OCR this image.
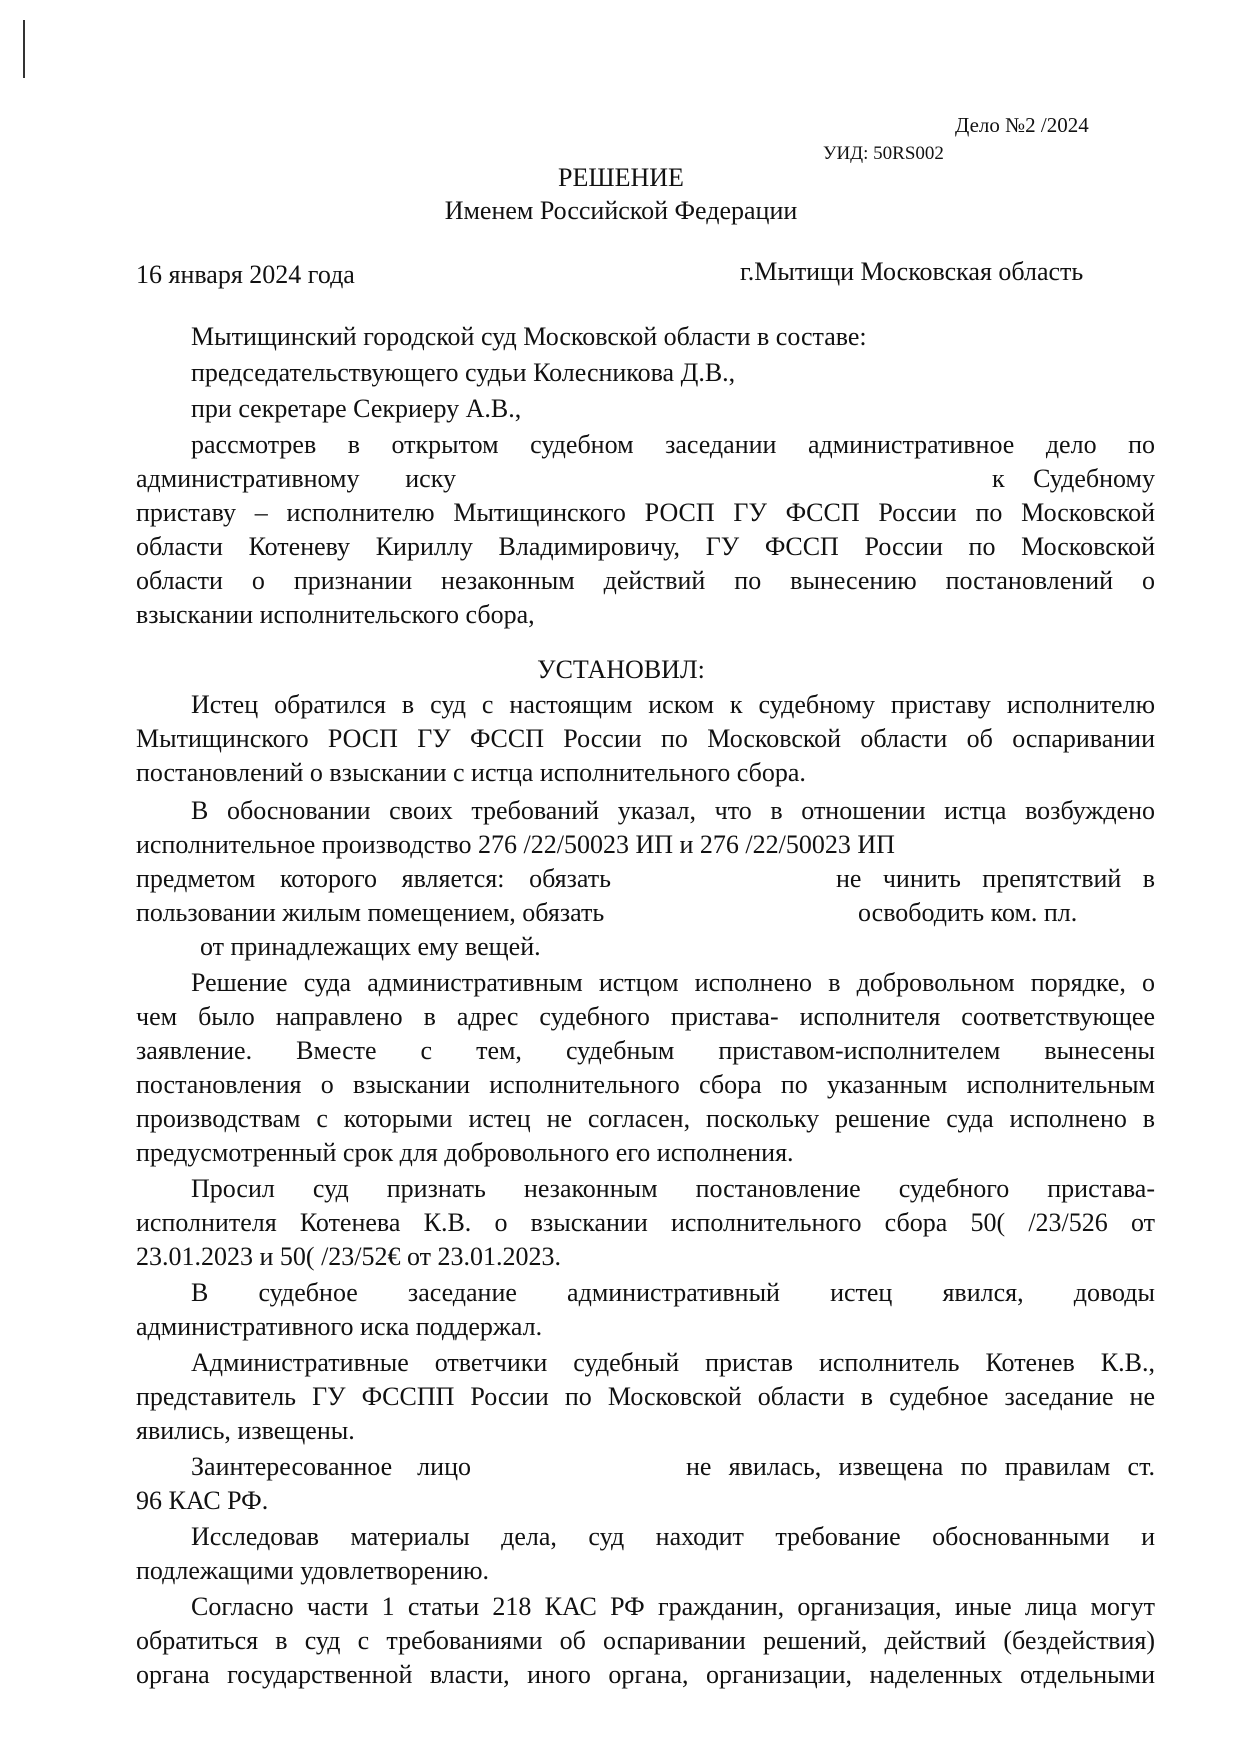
Дело №2 /2024
УИД: 50RS002
РЕШЕНИЕ
Именем Российской Федерации
16 января 2024 года	г.Мытищи Московская область
Мытищинский городской суд Московской области в составе:
председательствующего судьи Колесникова Д.В.,
при секретаре Секриеру А.В.,
рассмотрев в открытом судебном заседании административное дело по
административному иску	к Судебному
приставу – исполнителю Мытищинского РОСП ГУ ФССП России по Московской
области Котеневу Кириллу Владимировичу, ГУ ФССП России по Московской
области о признании незаконным действий по вынесению постановлений о
взыскании исполнительского сбора,
УСТАНОВИЛ:
Истец обратился в суд с настоящим иском к судебному приставу исполнителю
Мытищинского РОСП ГУ ФССП России по Московской области об оспаривании
постановлений о взыскании с истца исполнительного сбора.
В обосновании своих требований указал, что в отношении истца возбуждено
исполнительное производство 276 /22/50023 ИП и 276 /22/50023 ИП
предметом которого является: обязать	не чинить препятствий в
пользовании жилым помещением, обязать	освободить ком. пл.
от принадлежащих ему вещей.
Решение суда административным истцом исполнено в добровольном порядке, о
чем было направлено в адрес судебного пристава- исполнителя соответствующее
заявление. Вместе с тем, судебным приставом-исполнителем вынесены
постановления о взыскании исполнительного сбора по указанным исполнительным
производствам с которыми истец не согласен, поскольку решение суда исполнено в
предусмотренный срок для добровольного его исполнения.
Просил суд признать незаконным постановление судебного пристава-
исполнителя Котенева К.В. о взыскании исполнительного сбора 50( /23/526 от
23.01.2023 и 50( /23/52€ от 23.01.2023.
В судебное заседание административный истец явился, доводы
административного иска поддержал.
Административные ответчики судебный пристав исполнитель Котенев К.В.,
представитель ГУ ФССПП России по Московской области в судебное заседание не
явились, извещены.
Заинтересованное лицо	не явилась, извещена по правилам ст.
96 КАС РФ.
Исследовав материалы дела, суд находит требование обоснованными и
подлежащими удовлетворению.
Согласно части 1 статьи 218 КАС РФ гражданин, организация, иные лица могут
обратиться в суд с требованиями об оспаривании решений, действий (бездействия)
органа государственной власти, иного органа, организации, наделенных отдельными
